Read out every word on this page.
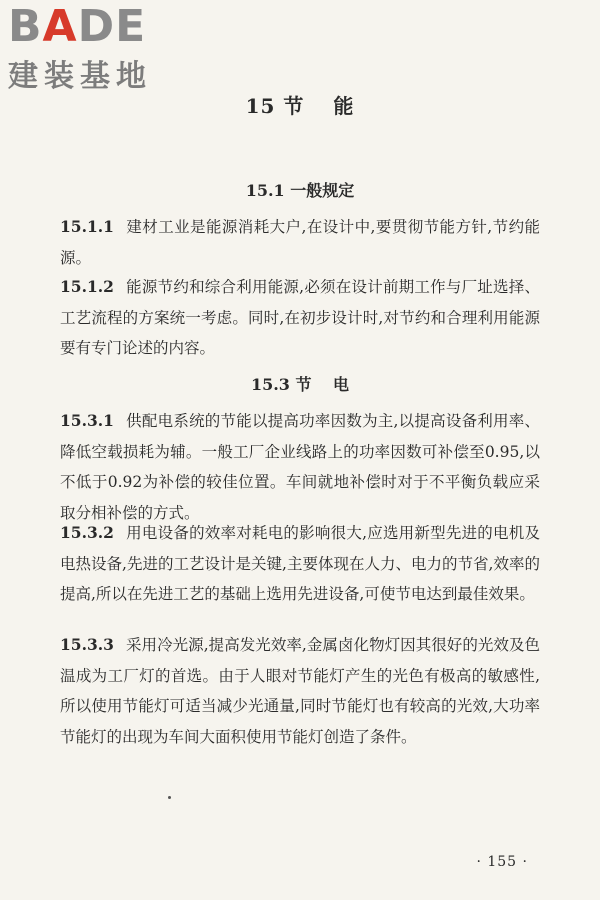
BADE
建装基地
15 节　 能
15.1 一般规定
15.1.1 建材工业是能源消耗大户,在设计中,要贯彻节能方针,节约能源。
15.1.2 能源节约和综合利用能源,必须在设计前期工作与厂址选择、工艺流程的方案统一考虑。同时,在初步设计时,对节约和合理利用能源要有专门论述的内容。
15.3 节　 电
15.3.1 供配电系统的节能以提高功率因数为主,以提高设备利用率、降低空载损耗为辅。一般工厂企业线路上的功率因数可补偿至0.95,以不低于0.92为补偿的较佳位置。车间就地补偿时对于不平衡负载应采取分相补偿的方式。
15.3.2 用电设备的效率对耗电的影响很大,应选用新型先进的电机及电热设备,先进的工艺设计是关键,主要体现在人力、电力的节省,效率的提高,所以在先进工艺的基础上选用先进设备,可使节电达到最佳效果。
15.3.3 采用冷光源,提高发光效率,金属卤化物灯因其很好的光效及色温成为工厂灯的首选。由于人眼对节能灯产生的光色有极高的敏感性,所以使用节能灯可适当减少光通量,同时节能灯也有较高的光效,大功率节能灯的出现为车间大面积使用节能灯创造了条件。
· 155 ·
